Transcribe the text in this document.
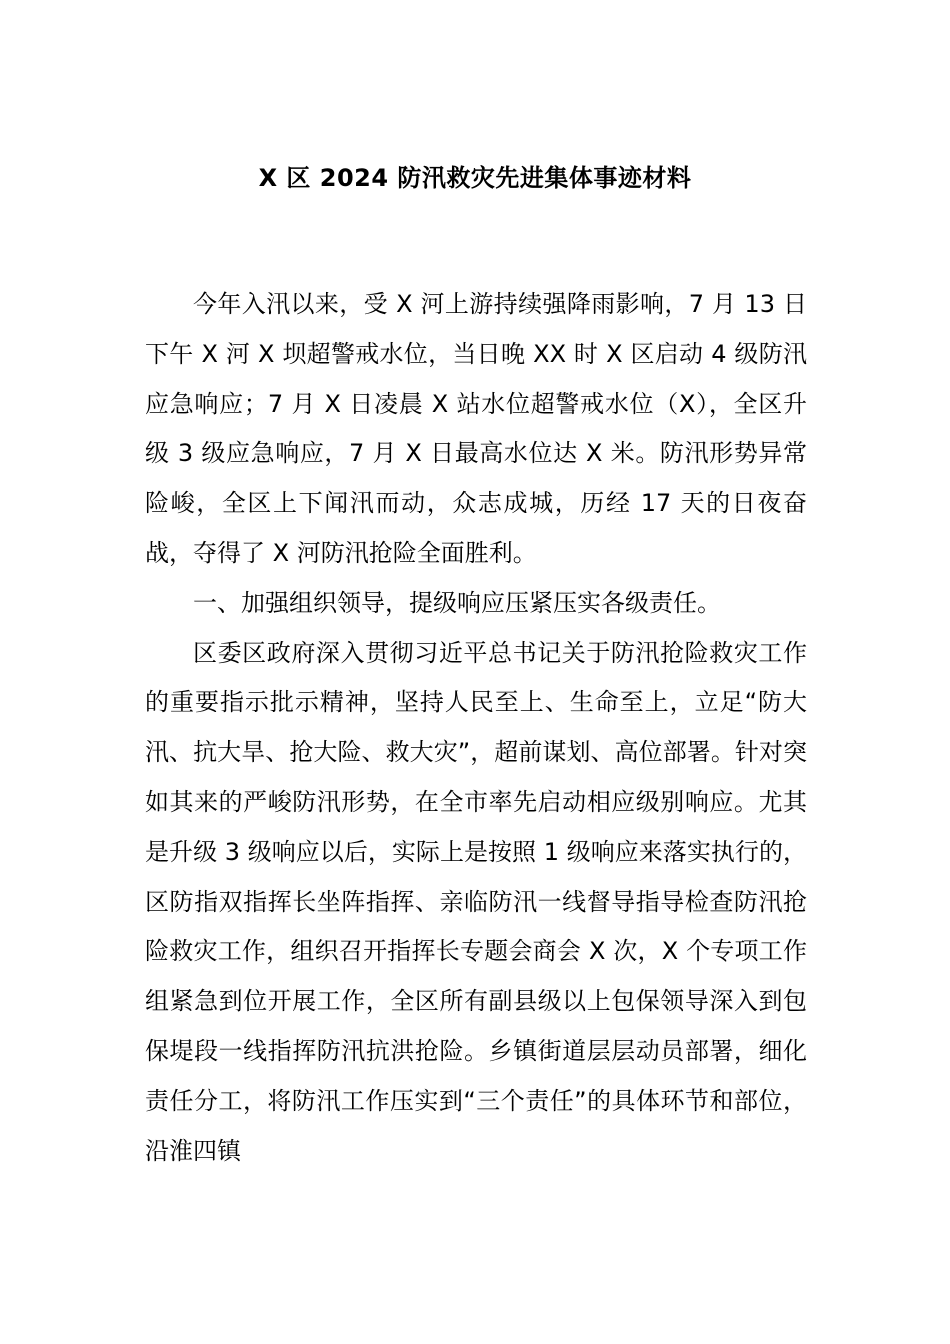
X 区 2024 防汛救灾先进集体事迹材料

今年入汛以来，受 X 河上游持续强降雨影响，7 月 13 日下午 X 河 X 坝超警戒水位，当日晚 XX 时 X 区启动 4 级防汛应急响应；7 月 X 日凌晨 X 站水位超警戒水位（X），全区升级 3 级应急响应，7 月 X 日最高水位达 X 米。防汛形势异常险峻，全区上下闻汛而动，众志成城，历经 17 天的日夜奋战，夺得了 X 河防汛抢险全面胜利。

一、加强组织领导，提级响应压紧压实各级责任。

区委区政府深入贯彻习近平总书记关于防汛抢险救灾工作的重要指示批示精神，坚持人民至上、生命至上，立足“防大汛、抗大旱、抢大险、救大灾”，超前谋划、高位部署。针对突如其来的严峻防汛形势，在全市率先启动相应级别响应。尤其是升级 3 级响应以后，实际上是按照 1 级响应来落实执行的，区防指双指挥长坐阵指挥、亲临防汛一线督导指导检查防汛抢险救灾工作，组织召开指挥长专题会商会 X 次，X 个专项工作组紧急到位开展工作，全区所有副县级以上包保领导深入到包保堤段一线指挥防汛抗洪抢险。乡镇街道层层动员部署，细化责任分工，将防汛工作压实到“三个责任”的具体环节和部位，沿淮四镇
